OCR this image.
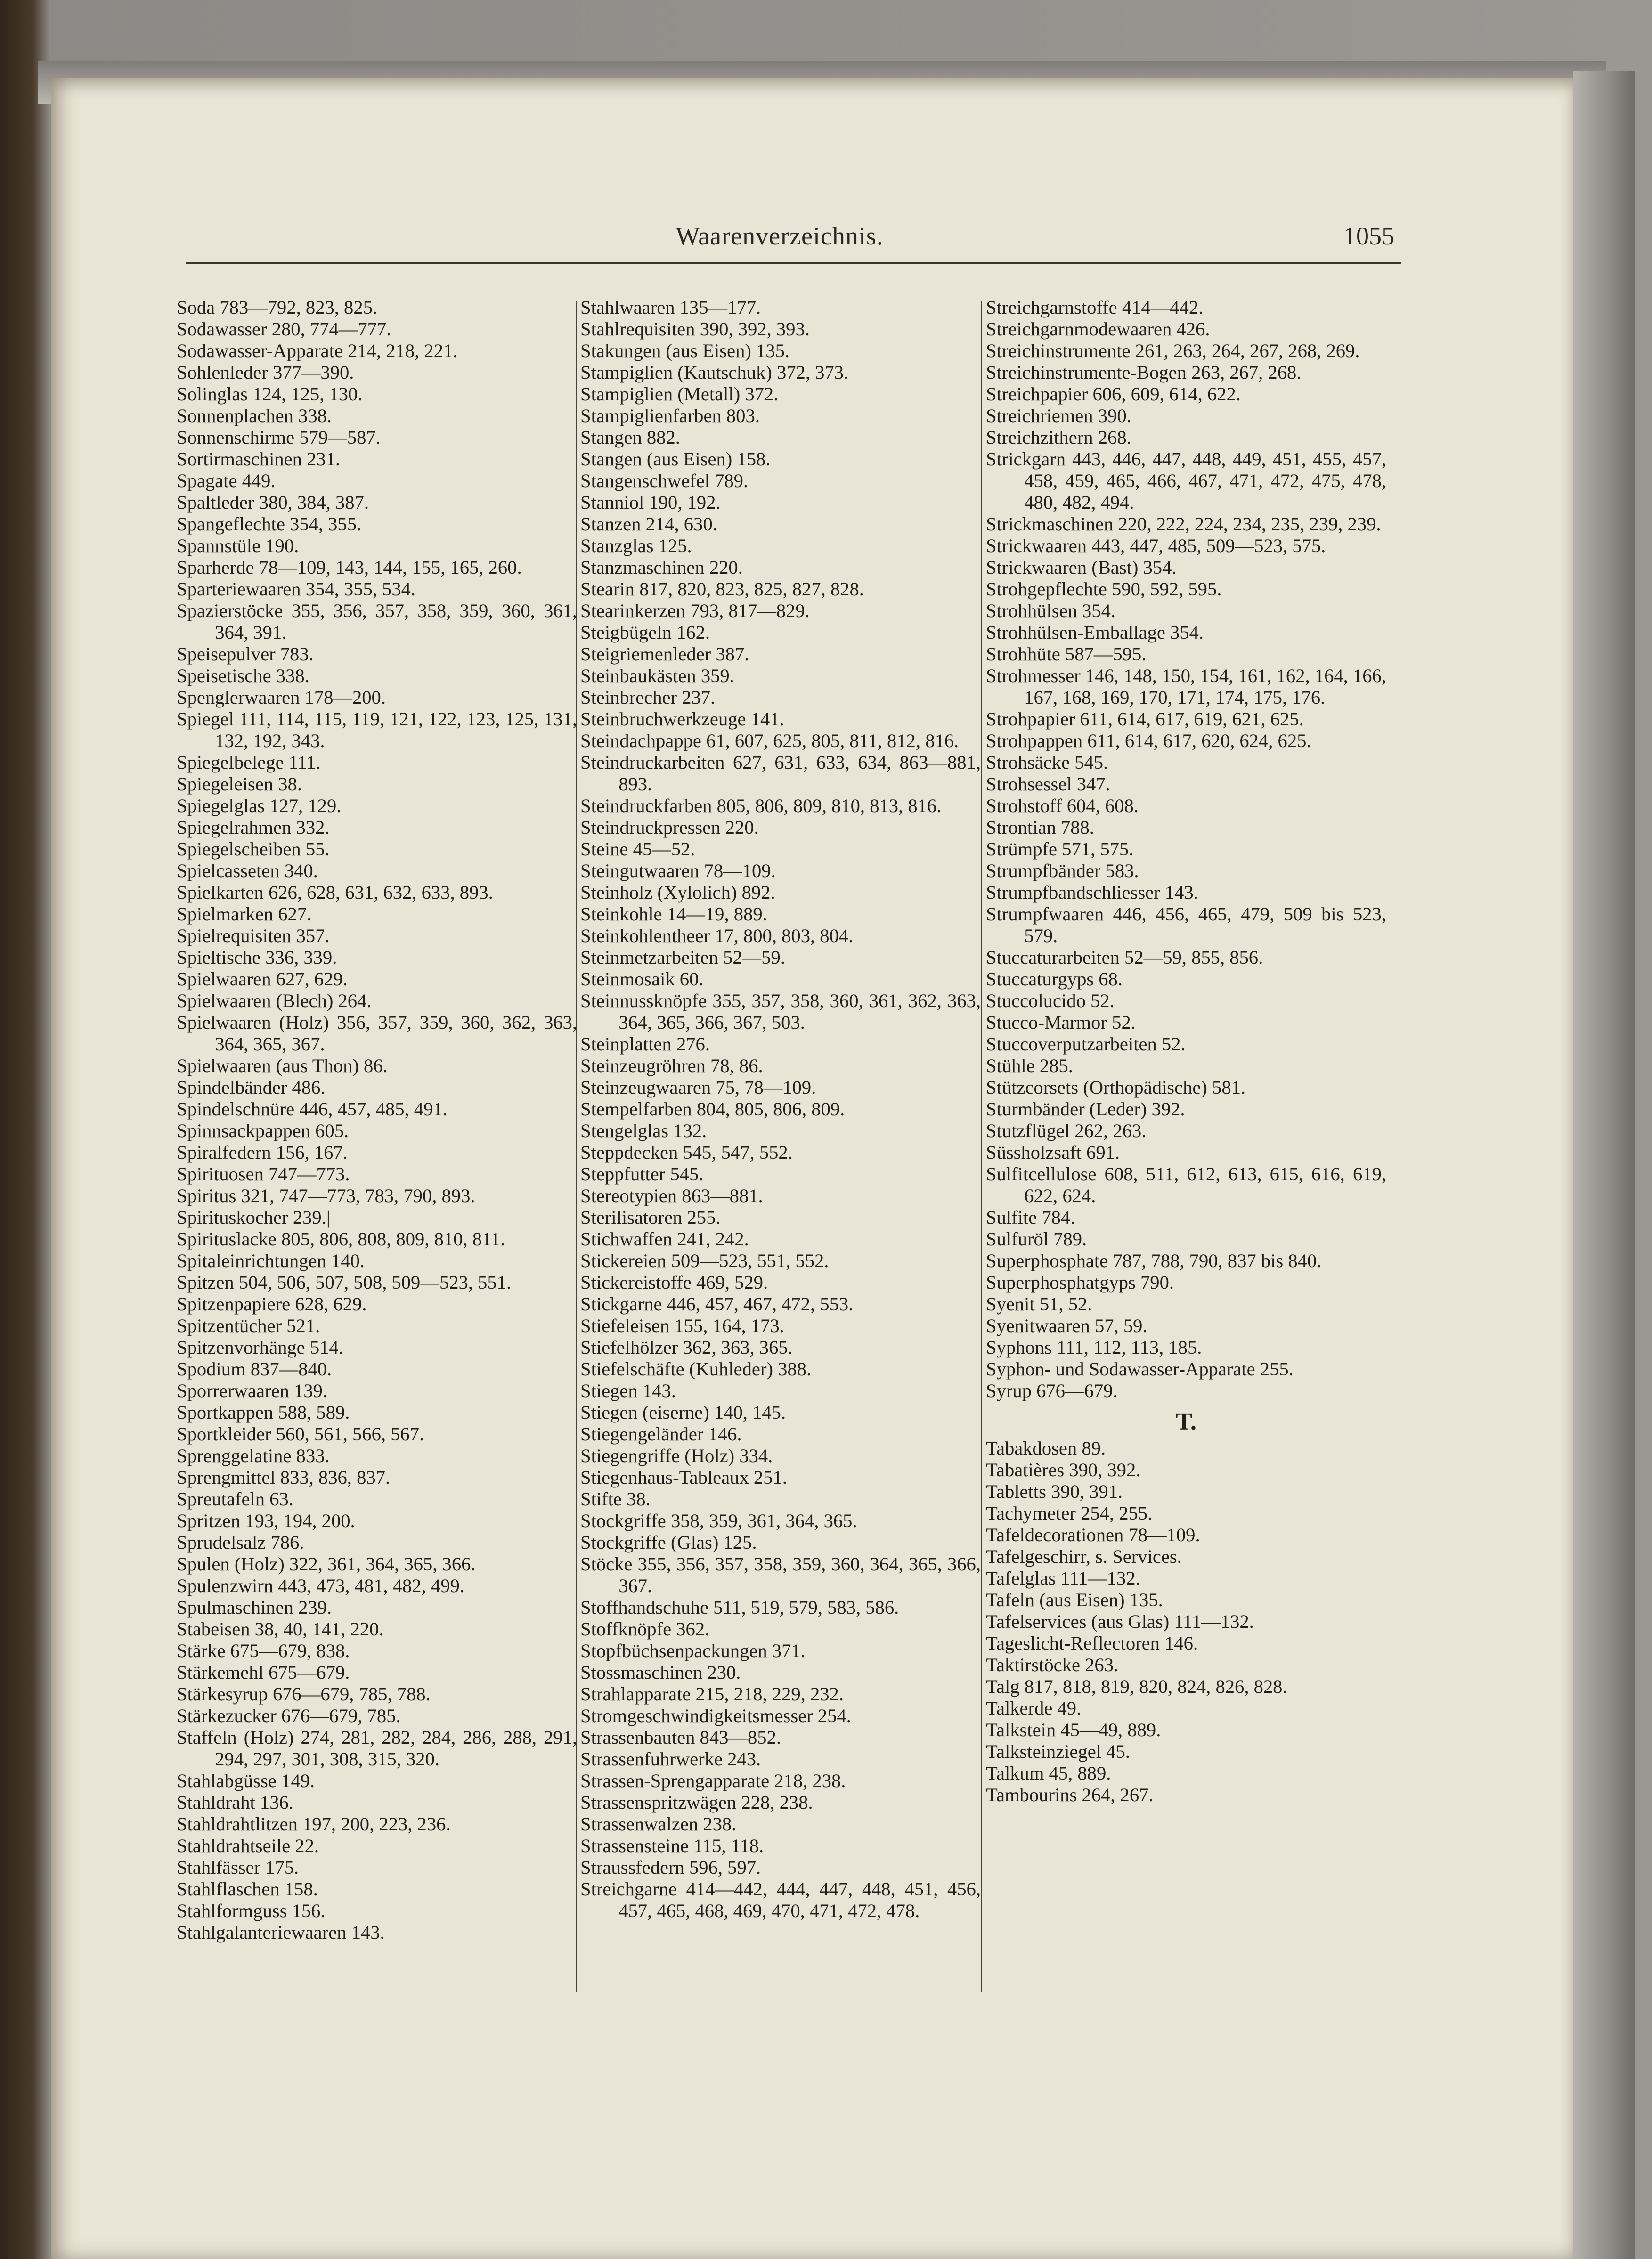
Waarenverzeichnis.	1055
Soda 783—792, 823, 825.
Sodawasser 280, 774—777.
Sodawasser-Apparate 214, 218, 221.
Sohlenleder 377—390.
Solinglas 124, 125, 130.
Sonnenplachen 338.
Sonnenschirme 579—587.
Sortirmaschinen 231.
Spagate 449.
Spaltleder 380, 384, 387.
Spangeflechte 354, 355.
Spannstüle 190.
Sparherde 78—109, 143, 144, 155, 165, 260.
Sparteriewaaren 354, 355, 534.
Spazierstöcke 355, 356, 357, 358, 359, 360, 361, 364, 391.
Speisepulver 783.
Speisetische 338.
Spenglerwaaren 178—200.
Spiegel 111, 114, 115, 119, 121, 122, 123, 125, 131, 132, 192, 343.
Spiegelbelege 111.
Spiegeleisen 38.
Spiegelglas 127, 129.
Spiegelrahmen 332.
Spiegelscheiben 55.
Spielcasseten 340.
Spielkarten 626, 628, 631, 632, 633, 893.
Spielmarken 627.
Spielrequisiten 357.
Spieltische 336, 339.
Spielwaaren 627, 629.
Spielwaaren (Blech) 264.
Spielwaaren (Holz) 356, 357, 359, 360, 362, 363, 364, 365, 367.
Spielwaaren (aus Thon) 86.
Spindelbänder 486.
Spindelschnüre 446, 457, 485, 491.
Spinnsackpappen 605.
Spiralfedern 156, 167.
Spirituosen 747—773.
Spiritus 321, 747—773, 783, 790, 893.
Spirituskocher 239.|
Spirituslacke 805, 806, 808, 809, 810, 811.
Spitaleinrichtungen 140.
Spitzen 504, 506, 507, 508, 509—523, 551.
Spitzenpapiere 628, 629.
Spitzentücher 521.
Spitzenvorhänge 514.
Spodium 837—840.
Sporrerwaaren 139.
Sportkappen 588, 589.
Sportkleider 560, 561, 566, 567.
Sprenggelatine 833.
Sprengmittel 833, 836, 837.
Spreutafeln 63.
Spritzen 193, 194, 200.
Sprudelsalz 786.
Spulen (Holz) 322, 361, 364, 365, 366.
Spulenzwirn 443, 473, 481, 482, 499.
Spulmaschinen 239.
Stabeisen 38, 40, 141, 220.
Stärke 675—679, 838.
Stärkemehl 675—679.
Stärkesyrup 676—679, 785, 788.
Stärkezucker 676—679, 785.
Staffeln (Holz) 274, 281, 282, 284, 286, 288, 291, 294, 297, 301, 308, 315, 320.
Stahlabgüsse 149.
Stahldraht 136.
Stahldrahtlitzen 197, 200, 223, 236.
Stahldrahtseile 22.
Stahlfässer 175.
Stahlflaschen 158.
Stahlformguss 156.
Stahlgalanteriewaaren 143.
Stahlwaaren 135—177.
Stahlrequisiten 390, 392, 393.
Stakungen (aus Eisen) 135.
Stampiglien (Kautschuk) 372, 373.
Stampiglien (Metall) 372.
Stampiglienfarben 803.
Stangen 882.
Stangen (aus Eisen) 158.
Stangenschwefel 789.
Stanniol 190, 192.
Stanzen 214, 630.
Stanzglas 125.
Stanzmaschinen 220.
Stearin 817, 820, 823, 825, 827, 828.
Stearinkerzen 793, 817—829.
Steigbügeln 162.
Steigriemenleder 387.
Steinbaukästen 359.
Steinbrecher 237.
Steinbruchwerkzeuge 141.
Steindachpappe 61, 607, 625, 805, 811, 812, 816.
Steindruckarbeiten 627, 631, 633, 634, 863—881, 893.
Steindruckfarben 805, 806, 809, 810, 813, 816.
Steindruckpressen 220.
Steine 45—52.
Steingutwaaren 78—109.
Steinholz (Xylolich) 892.
Steinkohle 14—19, 889.
Steinkohlentheer 17, 800, 803, 804.
Steinmetzarbeiten 52—59.
Steinmosaik 60.
Steinnussknöpfe 355, 357, 358, 360, 361, 362, 363, 364, 365, 366, 367, 503.
Steinplatten 276.
Steinzeugröhren 78, 86.
Steinzeugwaaren 75, 78—109.
Stempelfarben 804, 805, 806, 809.
Stengelglas 132.
Steppdecken 545, 547, 552.
Steppfutter 545.
Stereotypien 863—881.
Sterilisatoren 255.
Stichwaffen 241, 242.
Stickereien 509—523, 551, 552.
Stickereistoffe 469, 529.
Stickgarne 446, 457, 467, 472, 553.
Stiefeleisen 155, 164, 173.
Stiefelhölzer 362, 363, 365.
Stiefelschäfte (Kuhleder) 388.
Stiegen 143.
Stiegen (eiserne) 140, 145.
Stiegengeländer 146.
Stiegengriffe (Holz) 334.
Stiegenhaus-Tableaux 251.
Stifte 38.
Stockgriffe 358, 359, 361, 364, 365.
Stockgriffe (Glas) 125.
Stöcke 355, 356, 357, 358, 359, 360, 364, 365, 366, 367.
Stoffhandschuhe 511, 519, 579, 583, 586.
Stoffknöpfe 362.
Stopfbüchsenpackungen 371.
Stossmaschinen 230.
Strahlapparate 215, 218, 229, 232.
Stromgeschwindigkeitsmesser 254.
Strassenbauten 843—852.
Strassenfuhrwerke 243.
Strassen-Sprengapparate 218, 238.
Strassenspritzwägen 228, 238.
Strassenwalzen 238.
Strassensteine 115, 118.
Straussfedern 596, 597.
Streichgarne 414—442, 444, 447, 448, 451, 456, 457, 465, 468, 469, 470, 471, 472, 478.
Streichgarnstoffe 414—442.
Streichgarnmodewaaren 426.
Streichinstrumente 261, 263, 264, 267, 268, 269.
Streichinstrumente-Bogen 263, 267, 268.
Streichpapier 606, 609, 614, 622.
Streichriemen 390.
Streichzithern 268.
Strickgarn 443, 446, 447, 448, 449, 451, 455, 457, 458, 459, 465, 466, 467, 471, 472, 475, 478, 480, 482, 494.
Strickmaschinen 220, 222, 224, 234, 235, 239, 239.
Strickwaaren 443, 447, 485, 509—523, 575.
Strickwaaren (Bast) 354.
Strohgepflechte 590, 592, 595.
Strohhülsen 354.
Strohhülsen-Emballage 354.
Strohhüte 587—595.
Strohmesser 146, 148, 150, 154, 161, 162, 164, 166, 167, 168, 169, 170, 171, 174, 175, 176.
Strohpapier 611, 614, 617, 619, 621, 625.
Strohpappen 611, 614, 617, 620, 624, 625.
Strohsäcke 545.
Strohsessel 347.
Strohstoff 604, 608.
Strontian 788.
Strümpfe 571, 575.
Strumpfbänder 583.
Strumpfbandschliesser 143.
Strumpfwaaren 446, 456, 465, 479, 509 bis 523, 579.
Stuccaturarbeiten 52—59, 855, 856.
Stuccaturgyps 68.
Stuccolucido 52.
Stucco-Marmor 52.
Stuccoverputzarbeiten 52.
Stühle 285.
Stützcorsets (Orthopädische) 581.
Sturmbänder (Leder) 392.
Stutzflügel 262, 263.
Süssholzsaft 691.
Sulfitcellulose 608, 511, 612, 613, 615, 616, 619, 622, 624.
Sulfite 784.
Sulfuröl 789.
Superphosphate 787, 788, 790, 837 bis 840.
Superphosphatgyps 790.
Syenit 51, 52.
Syenitwaaren 57, 59.
Syphons 111, 112, 113, 185.
Syphon- und Sodawasser-Apparate 255.
Syrup 676—679.
T.
Tabakdosen 89.
Tabatières 390, 392.
Tabletts 390, 391.
Tachymeter 254, 255.
Tafeldecorationen 78—109.
Tafelgeschirr, s. Services.
Tafelglas 111—132.
Tafeln (aus Eisen) 135.
Tafelservices (aus Glas) 111—132.
Tageslicht-Reflectoren 146.
Taktirstöcke 263.
Talg 817, 818, 819, 820, 824, 826, 828.
Talkerde 49.
Talkstein 45—49, 889.
Talksteinziegel 45.
Talkum 45, 889.
Tambourins 264, 267.
